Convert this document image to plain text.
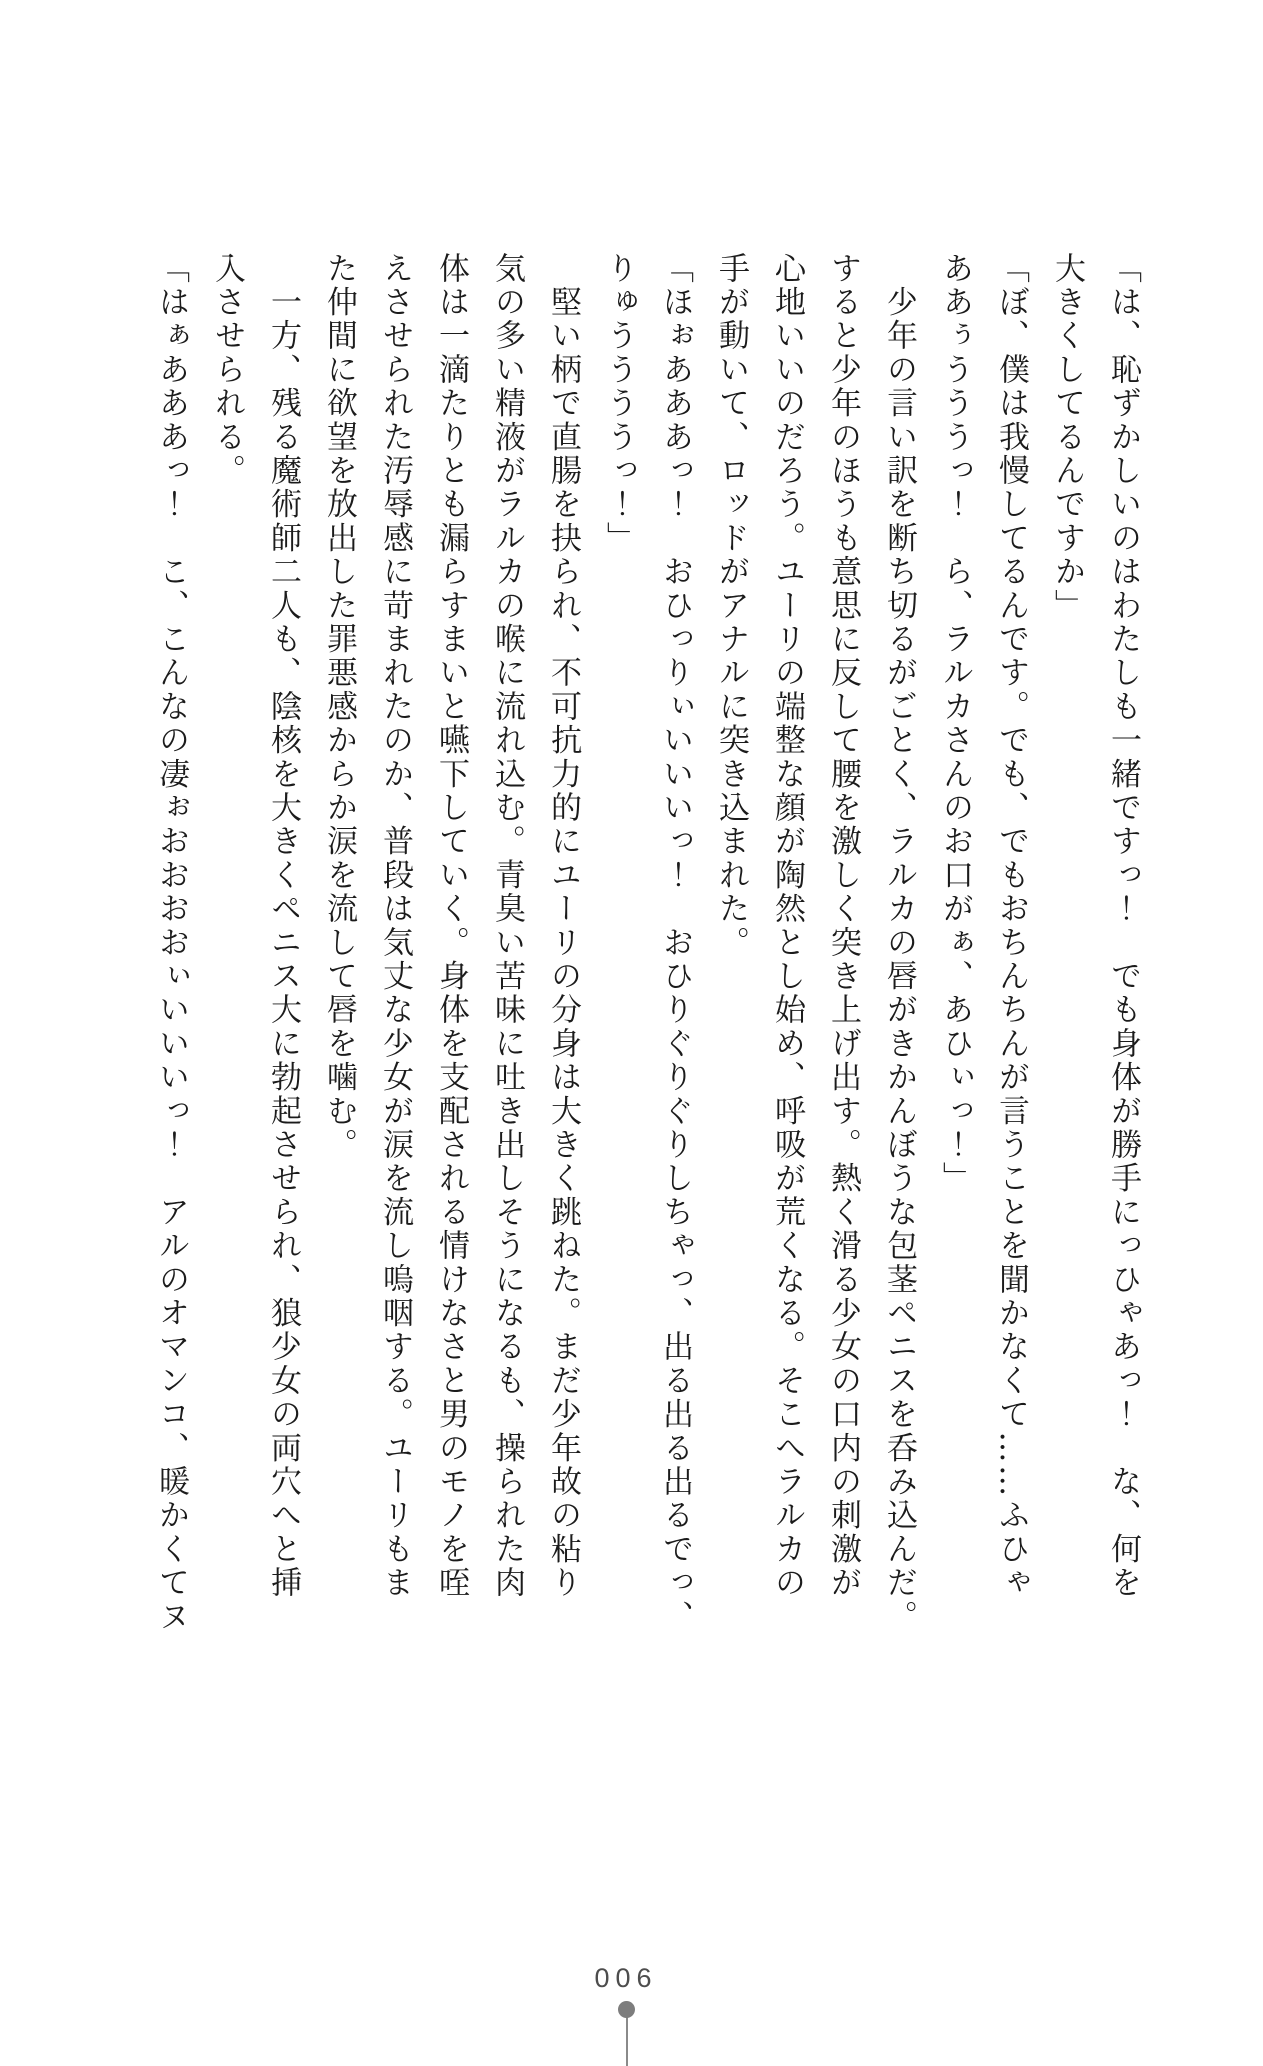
「は、恥ずかしいのはわたしも一緒ですっ！　でも身体が勝手にっひゃあっ！　な、何を
大きくしてるんですか」
「ぼ、僕は我慢してるんです。でも、でもおちんちんが言うことを聞かなくて……ふひゃ
ああぅうううっ！　ら、ラルカさんのお口がぁ、あひぃっ！」
　少年の言い訳を断ち切るがごとく、ラルカの唇がきかんぼうな包茎ペニスを呑み込んだ。
すると少年のほうも意思に反して腰を激しく突き上げ出す。熱く滑る少女の口内の刺激が
心地いいのだろう。ユーリの端整な顔が陶然とし始め、呼吸が荒くなる。そこへラルカの
手が動いて、ロッドがアナルに突き込まれた。
「ほぉあああっ！　おひっりぃいいいっ！　おひりぐりぐりしちゃっ、出る出る出るでっ、
りゅううううっ！」
　堅い柄で直腸を抉られ、不可抗力的にユーリの分身は大きく跳ねた。まだ少年故の粘り
気の多い精液がラルカの喉に流れ込む。青臭い苦味に吐き出しそうになるも、操られた肉
体は一滴たりとも漏らすまいと嚥下していく。身体を支配される情けなさと男のモノを咥
えさせられた汚辱感に苛まれたのか、普段は気丈な少女が涙を流し嗚咽する。ユーリもま
た仲間に欲望を放出した罪悪感からか涙を流して唇を噛む。
　一方、残る魔術師二人も、陰核を大きくペニス大に勃起させられ、狼少女の両穴へと挿
入させられる。
「はぁあああっ！　こ、こんなの凄ぉおおおおぃいいいっ！　アルのオマンコ、暖かくてヌ
006
